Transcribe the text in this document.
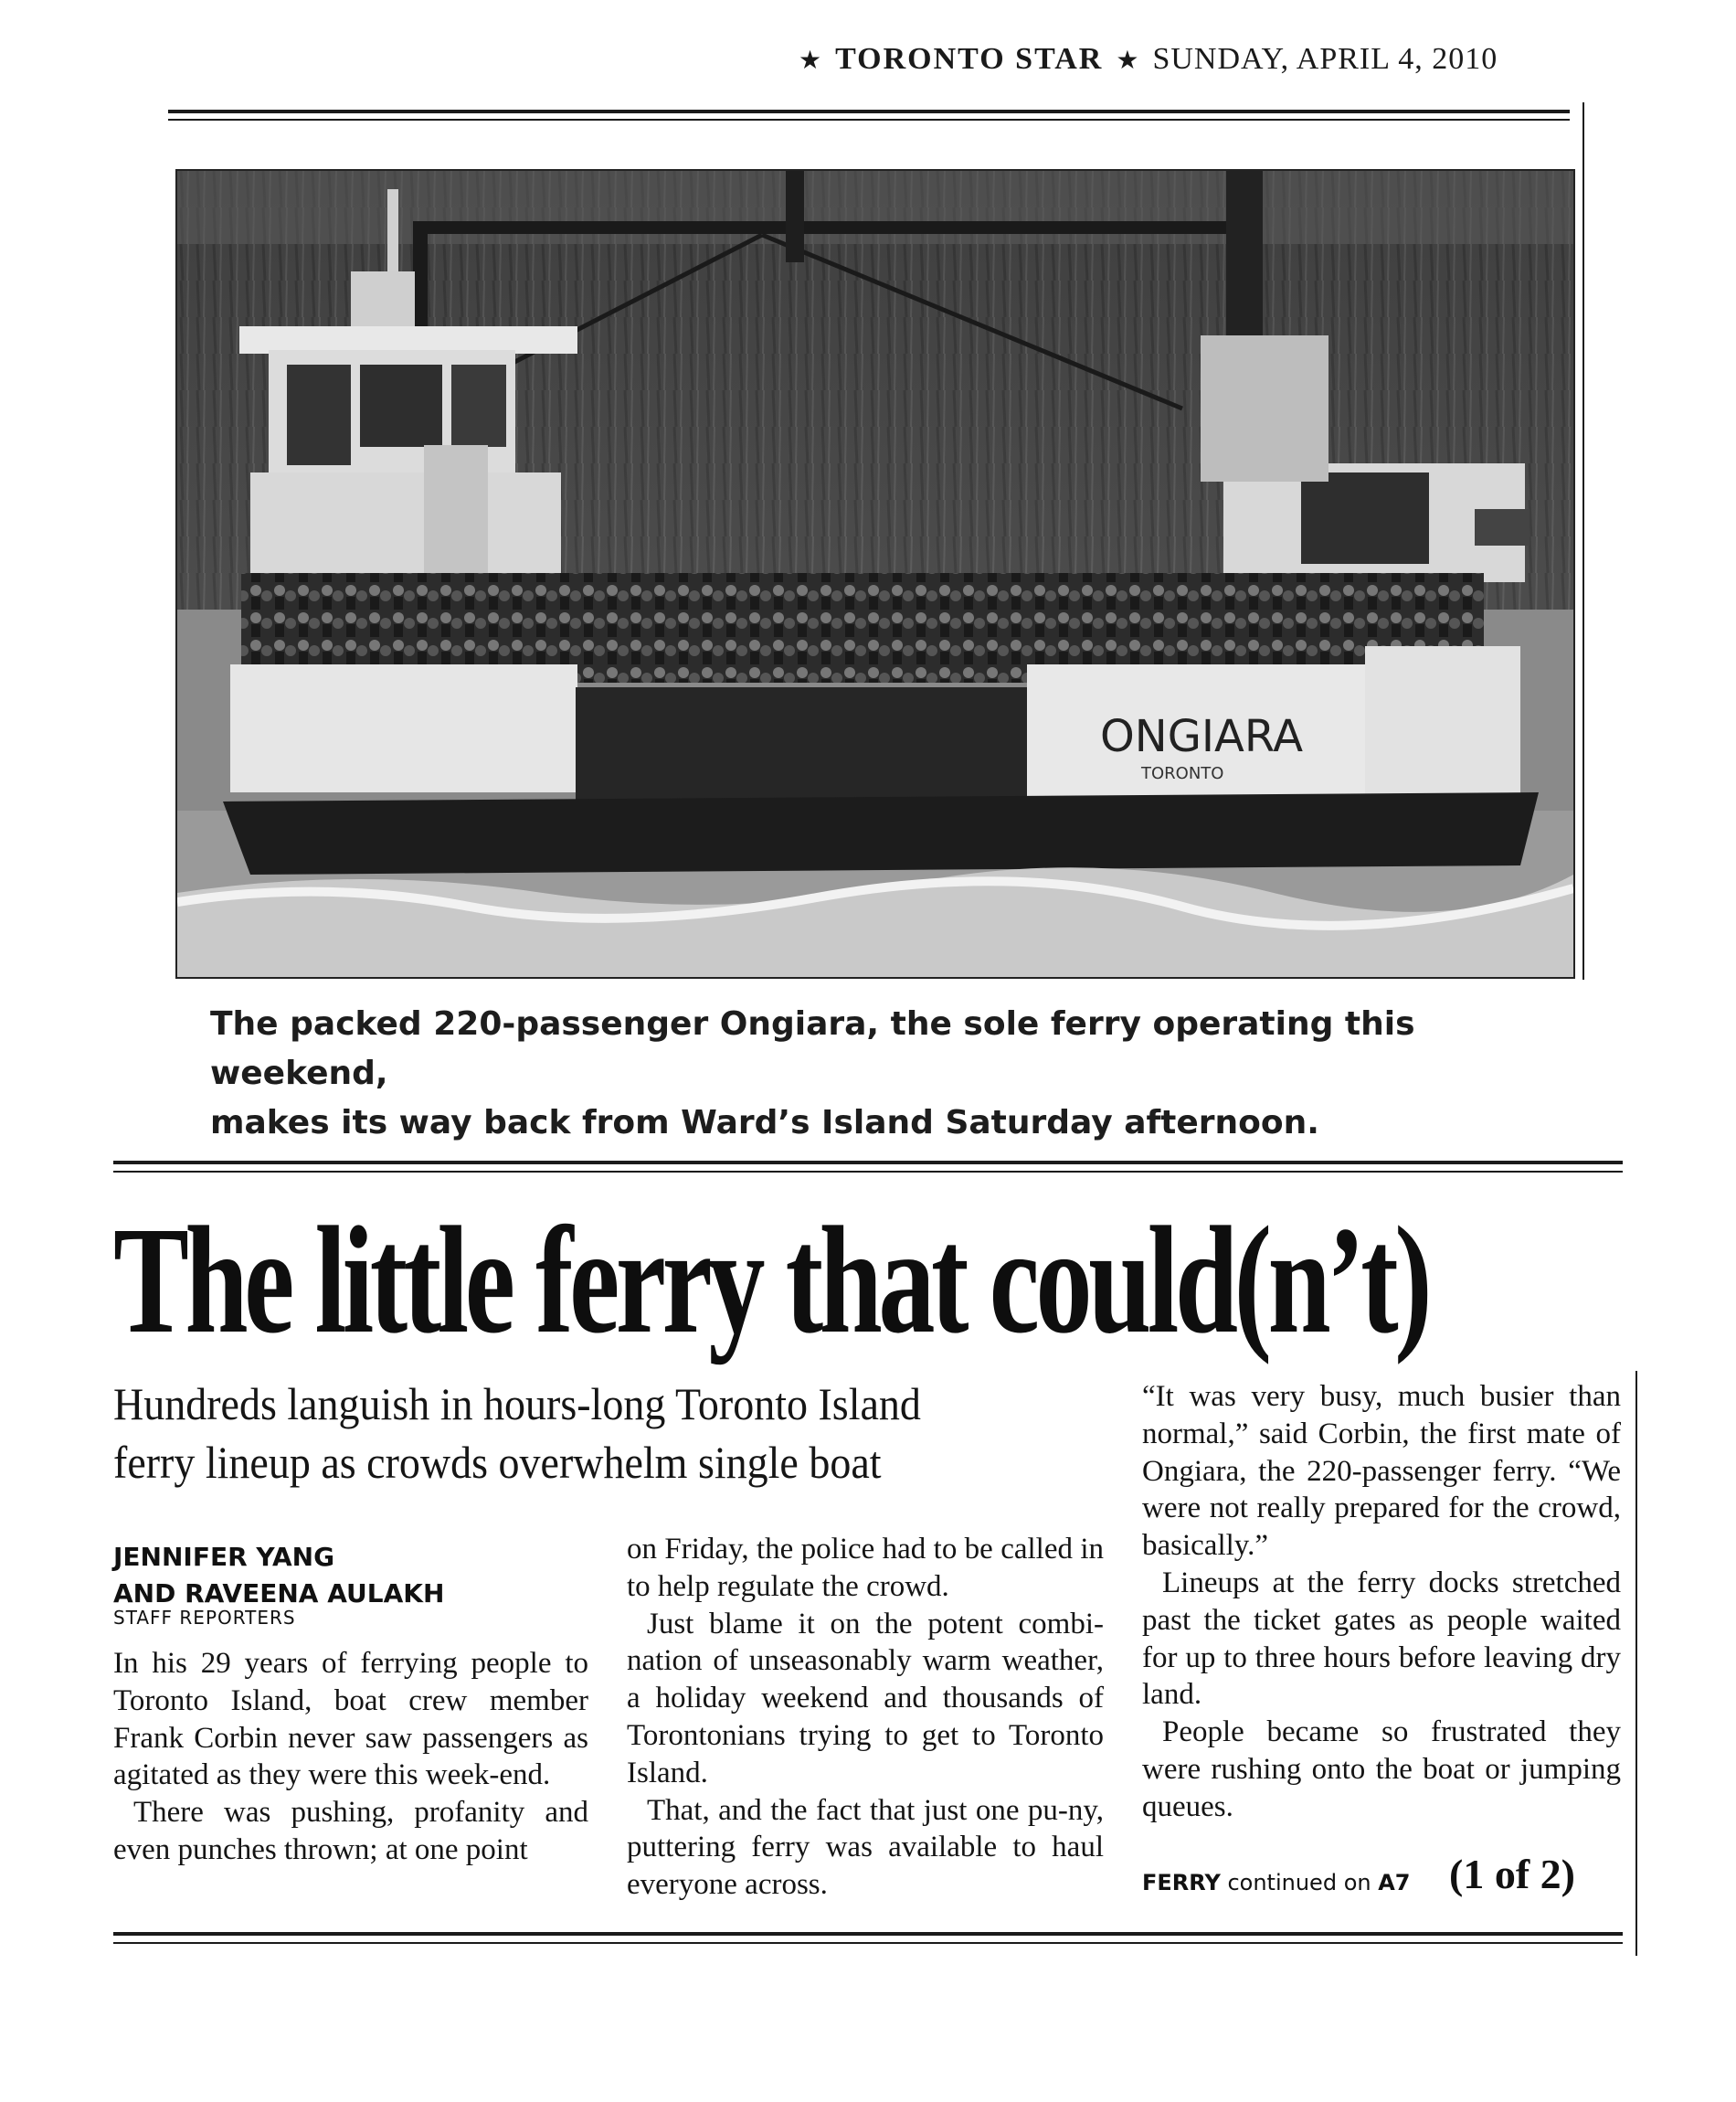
★ TORONTO STAR ★ SUNDAY, APRIL 4, 2010
ONGIARA
TORONTO
The packed 220-passenger Ongiara, the sole ferry operating this weekend,
makes its way back from Ward’s Island Saturday afternoon.
The little ferry that could(n’t)
Hundreds languish in hours-long Toronto Island
ferry lineup as crowds overwhelm single boat
JENNIFER YANG
AND RAVEENA AULAKH
STAFF REPORTERS

In his 29 years of ferrying people to Toronto Island, boat crew member Frank Corbin never saw passengers as agitated as they were this week-end.

There was pushing, profanity and even punches thrown; at one point

on Friday, the police had to be called in to help regulate the crowd.

Just blame it on the potent combi-nation of unseasonably warm weather, a holiday weekend and thousands of Torontonians trying to get to Toronto Island.

That, and the fact that just one pu-ny, puttering ferry was available to haul everyone across.

“It was very busy, much busier than normal,” said Corbin, the first mate of Ongiara, the 220-passenger ferry. “We were not really prepared for the crowd, basically.”

Lineups at the ferry docks stretched past the ticket gates as people waited for up to three hours before leaving dry land.

People became so frustrated they were rushing onto the boat or jumping queues.

FERRY continued on A7 (1 of 2)
